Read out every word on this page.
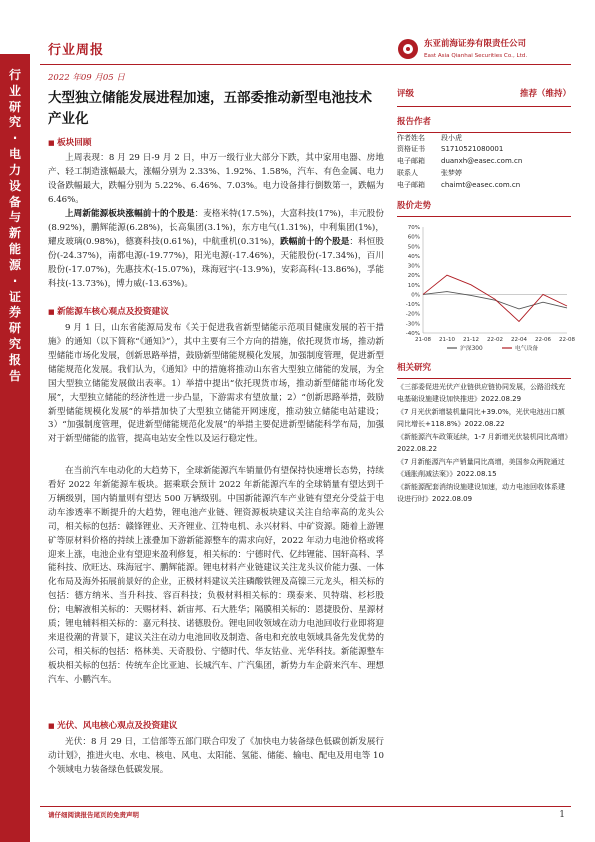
行
业
研
究
·
电
力
设
备
与
新
能
源
·
证
券
研
究
报
告
行业周报	东亚前海证券有限责任公司
East Asia Qianhai Securities Co., Ltd.
2022 年09 月05 日
大型独立储能发展进程加速，五部委推动新型电池技术产业化
■ 板块回顾
上周表现：8 月 29 日-9 月 2 日，申万一级行业大部分下跌，其中家用电器、房地产、轻工制造涨幅最大，涨幅分别为 2.33%、1.92%、1.58%，汽车、有色金属、电力设备跌幅最大，跌幅分别为 5.22%、6.46%、7.03%。电力设备排行倒数第一，跌幅为 6.46%。
上周新能源板块涨幅前十的个股是：麦格米特(17.5%)，大富科技(17%)，丰元股份(8.92%)，鹏辉能源(6.28%)，长高集团(3.1%)，东方电气(1.31%)，中利集团(1%)，耀皮玻璃(0.98%)，德赛科技(0.61%)，中航重机(0.31%)，跌幅前十的个股是：科恒股份(-24.37%)，南都电源(-19.77%)，阳光电源(-17.46%)，天能股份(-17.34%)，百川股份(-17.07%)，先惠技术(-15.07%)，珠海冠宇(-13.9%)，安彩高科(-13.86%)，孚能科技(-13.73%)，博力威(-13.63%)。
■ 新能源车核心观点及投资建议
9 月 1 日，山东省能源局发布《关于促进我省新型储能示范项目健康发展的若干措施》的通知（以下简称“《通知》”），其中主要有三个方向的措施，依托现货市场，推动新型储能市场化发展，创新思路举措，鼓励新型储能规模化发展，加强制度管理，促进新型储能规范化发展。我们认为，《通知》中的措施将推动山东省大型独立储能的发展，为全国大型独立储能发展做出表率。1）举措中提出“依托现货市场，推动新型储能市场化发展”，大型独立储能的经济性进一步凸显，下游需求有望放量；2）“创新思路举措，鼓励新型储能规模化发展”的举措加快了大型独立储能开网速度，推动独立储能电站建设；3）“加强制度管理，促进新型储能规范化发展”的举措主要促进新型储能科学布局，加强对于新型储能的监管，提高电站安全性以及运行稳定性。
在当前汽车电动化的大趋势下，全球新能源汽车销量仍有望保持快速增长态势，持续看好 2022 年新能源车板块。据乘联会预计 2022 年新能源汽车的全球销量有望达到千万辆级别，国内销量则有望达 500 万辆级别。中国新能源汽车产业链有望充分受益于电动车渗透率不断提升的大趋势，锂电池产业链、锂资源板块建议关注自给率高的龙头公司，相关标的包括：赣锋锂业、天齐锂业、江特电机、永兴材料、中矿资源。随着上游锂矿等原材料价格的持续上涨叠加下游新能源整车的需求向好，2022 年动力电池价格或将迎来上涨，电池企业有望迎来盈利修复，相关标的：宁德时代、亿纬锂能、国轩高科、孚能科技、欣旺达、珠海冠宇、鹏辉能源。锂电材料产业链建议关注龙头议价能力强、一体化布局及海外拓展前景好的企业，正极材料建议关注磷酸铁锂及高镍三元龙头，相关标的包括：德方纳米、当升科技、容百科技；负极材料相关标的：璞泰来、贝特瑞、杉杉股份；电解液相关标的：天赐材料、新宙邦、石大胜华；隔膜相关标的：恩捷股份、星源材质；锂电辅料相关标的：嘉元科技、诺德股份。锂电回收领域在动力电池回收行业即将迎来退役潮的背景下，建议关注在动力电池回收及制造、备电和充放电领域具备先发优势的公司，相关标的包括：格林美、天奇股份、宁德时代、华友钴业、光华科技。新能源整车板块相关标的包括：传统车企比亚迪、长城汽车、广汽集团，新势力车企蔚来汽车、理想汽车、小鹏汽车。
■ 光伏、风电核心观点及投资建议
光伏：8 月 29 日，工信部等五部门联合印发了《加快电力装备绿色低碳创新发展行动计划》，推进火电、水电、核电、风电、太阳能、氢能、储能、输电、配电及用电等 10 个领域电力装备绿色低碳发展。
评级	推荐（维持）
报告作者
作者姓名	段小虎
资格证书	S1710521080001
电子邮箱	duanxh@easec.com.cn
联系人	张梦婷
电子邮箱	chaimt@easec.com.cn
股价走势
70%
60%
50%
40%
30%
20%
10%
0%
-10%
-20%
-30%
-40%
21-08 21-10 21-12 22-02 22-04 22-06 22-08
沪深300	电气设备
相关研究

《三部委促进光伏产业链供应链协同发展，公路沿线充电基础设施建设加快推进》2022.08.29

《7 月光伏新增装机量同比+39.0%，光伏电池出口额同比增长+118.8%》2022.08.22

《新能源汽车政策延续，1-7 月新增光伏装机同比高增》2022.08.22

《7 月新能源汽车产销量同比高增，美国参众两院通过《通胀削减法案》》2022.08.15

《新能源配套消纳设施建设加速，动力电池回收体系建设进行时》2022.08.09

请仔细阅读报告尾页的免责声明	1
